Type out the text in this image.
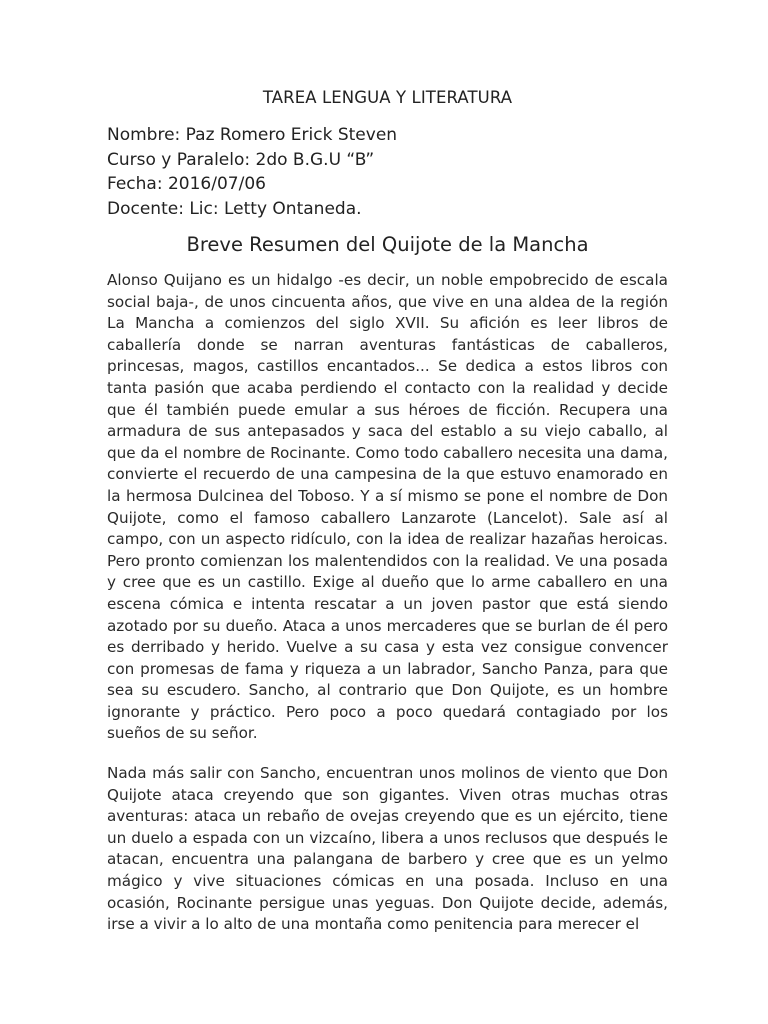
TAREA LENGUA Y LITERATURA
Nombre: Paz Romero Erick Steven
Curso y Paralelo: 2do B.G.U “B”
Fecha: 2016/07/06
Docente: Lic: Letty Ontaneda.
Breve Resumen del Quijote de la Mancha

Alonso Quijano es un hidalgo -es decir, un noble empobrecido de escala social baja-, de unos cincuenta años, que vive en una aldea de la región La Mancha a comienzos del siglo XVII. Su afición es leer libros de caballería donde se narran aventuras fantásticas de caballeros, princesas, magos, castillos encantados... Se dedica a estos libros con tanta pasión que acaba perdiendo el contacto con la realidad y decide que él también puede emular a sus héroes de ficción. Recupera una armadura de sus antepasados y saca del establo a su viejo caballo, al que da el nombre de Rocinante. Como todo caballero necesita una dama, convierte el recuerdo de una campesina de la que estuvo enamorado en la hermosa Dulcinea del Toboso. Y a sí mismo se pone el nombre de Don Quijote, como el famoso caballero Lanzarote (Lancelot). Sale así al campo, con un aspecto ridículo, con la idea de realizar hazañas heroicas. Pero pronto comienzan los malentendidos con la realidad. Ve una posada y cree que es un castillo. Exige al dueño que lo arme caballero en una escena cómica e intenta rescatar a un joven pastor que está siendo azotado por su dueño. Ataca a unos mercaderes que se burlan de él pero es derribado y herido. Vuelve a su casa y esta vez consigue convencer con promesas de fama y riqueza a un labrador, Sancho Panza, para que sea su escudero. Sancho, al contrario que Don Quijote, es un hombre ignorante y práctico. Pero poco a poco quedará contagiado por los sueños de su señor.

Nada más salir con Sancho, encuentran unos molinos de viento que Don Quijote ataca creyendo que son gigantes. Viven otras muchas otras aventuras: ataca un rebaño de ovejas creyendo que es un ejército, tiene un duelo a espada con un vizcaíno, libera a unos reclusos que después le atacan, encuentra una palangana de barbero y cree que es un yelmo mágico y vive situaciones cómicas en una posada. Incluso en una ocasión, Rocinante persigue unas yeguas. Don Quijote decide, además, irse a vivir a lo alto de una montaña como penitencia para merecer el
